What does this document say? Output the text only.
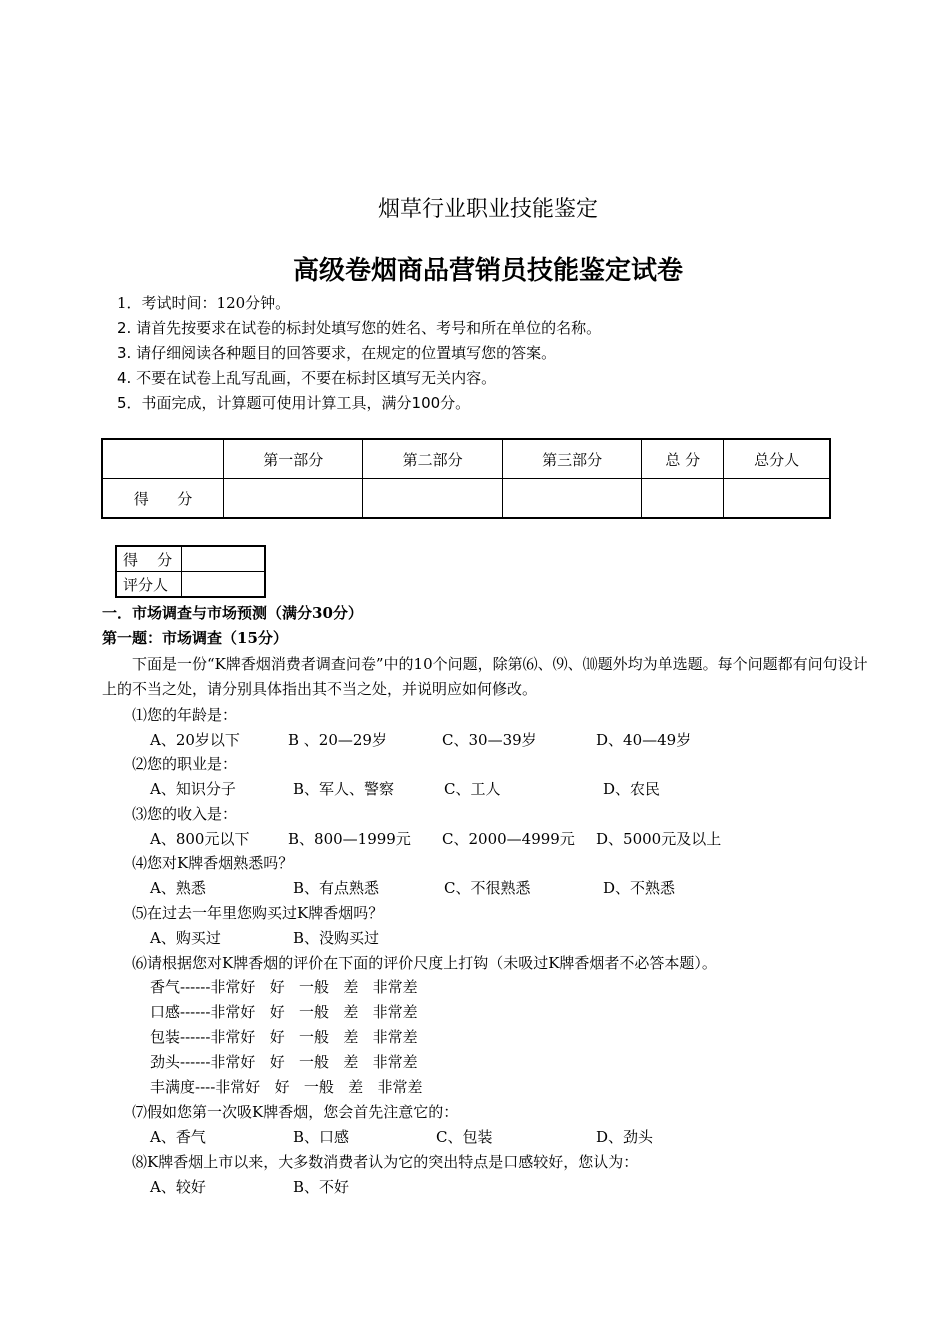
烟草行业职业技能鉴定
高级卷烟商品营销员技能鉴定试卷
1．考试时间：120分钟。
2. 请首先按要求在试卷的标封处填写您的姓名、考号和所在单位的名称。
3. 请仔细阅读各种题目的回答要求，在规定的位置填写您的答案。
4. 不要在试卷上乱写乱画，不要在标封区填写无关内容。
5．书面完成，计算题可使用计算工具，满分100分。
	第一部分	第二部分	第三部分	总 分	总分人
得      分					
得    分	
评分人	
一．市场调查与市场预测（满分30分）
第一题：市场调查（15分）
下面是一份“K牌香烟消费者调查问卷”中的10个问题，除第⑹、⑼、⑽题外均为单选题。每个问题都有问句设计上的不当之处，请分别具体指出其不当之处，并说明应如何修改。
⑴您的年龄是：
A、20岁以下	B 、20—29岁	C、30—39岁	D、40—49岁
⑵您的职业是：
A、知识分子	B、军人、警察	C、工人	D、农民
⑶您的收入是：
A、800元以下	B、800—1999元 C、2000—4999元 D、5000元及以上
⑷您对K牌香烟熟悉吗？
A、熟悉	B、有点熟悉	C、不很熟悉	D、不熟悉
⑸在过去一年里您购买过K牌香烟吗？
A、购买过	B、没购买过
⑹请根据您对K牌香烟的评价在下面的评价尺度上打钩（未吸过K牌香烟者不必答本题）。
香气------非常好   好   一般   差   非常差
口感------非常好   好   一般   差   非常差
包装------非常好   好   一般   差   非常差
劲头------非常好   好   一般   差   非常差
丰满度----非常好   好   一般   差   非常差
⑺假如您第一次吸K牌香烟，您会首先注意它的：
A、香气	B、口感	C、包装	D、劲头
⑻K牌香烟上市以来，大多数消费者认为它的突出特点是口感较好，您认为：
A、较好	B、不好
